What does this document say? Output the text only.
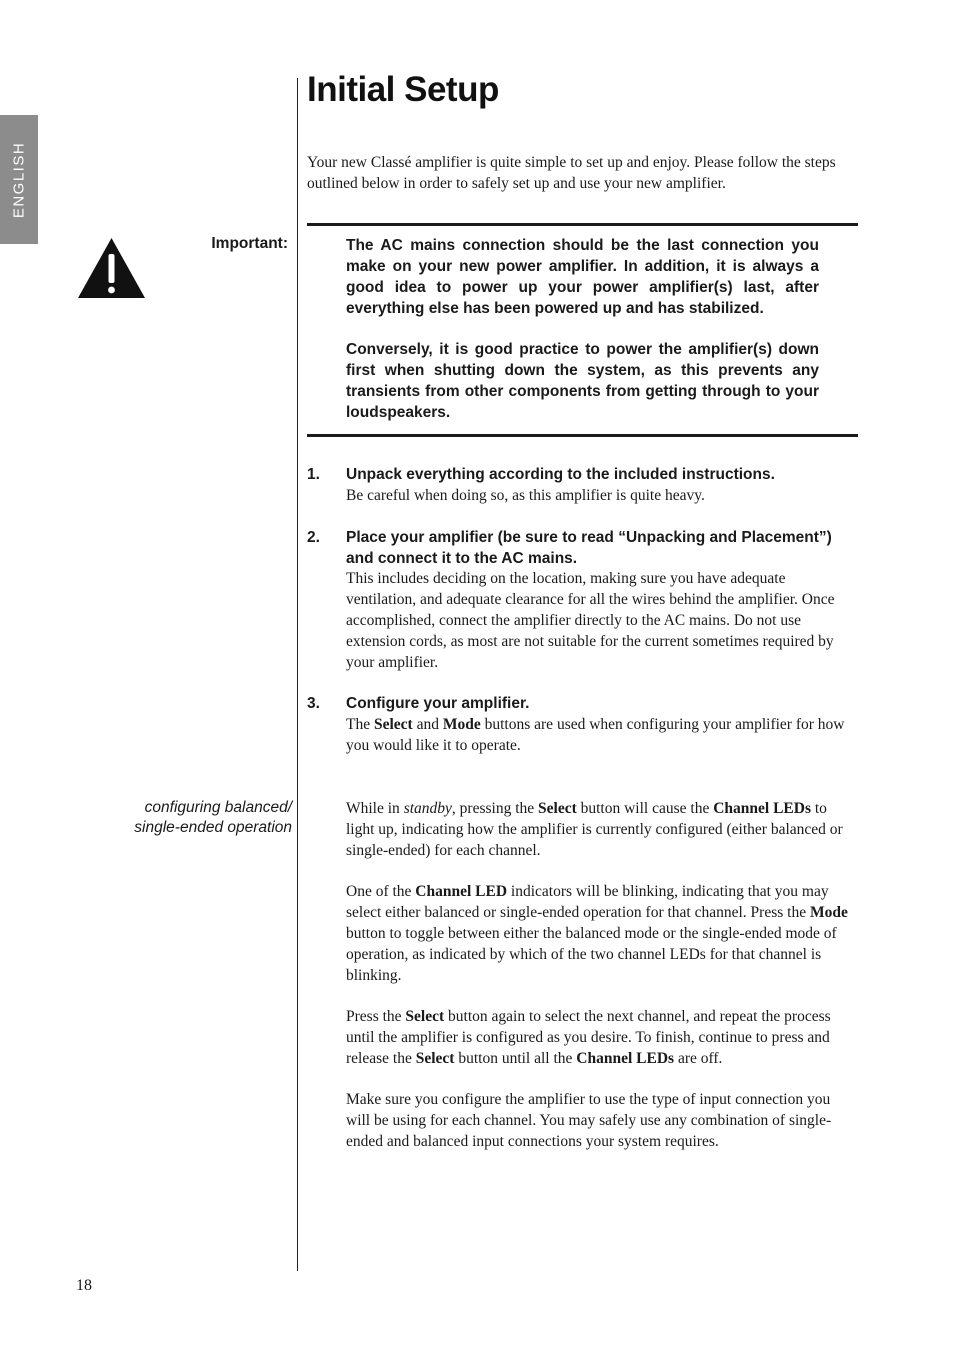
ENGLISH
Initial Setup
Your new Classé amplifier is quite simple to set up and enjoy. Please follow the steps outlined below in order to safely set up and use your new amplifier.
Important:	The AC mains connection should be the last connection you make on your new power amplifier. In addition, it is always a good idea to power up your power amplifier(s) last, after everything else has been powered up and has stabilized.
Conversely, it is good practice to power the amplifier(s) down first when shutting down the system, as this prevents any transients from other components from getting through to your loudspeakers.
1. Unpack everything according to the included instructions.
Be careful when doing so, as this amplifier is quite heavy.
2. Place your amplifier (be sure to read “Unpacking and Placement”) and connect it to the AC mains.
This includes deciding on the location, making sure you have adequate ventilation, and adequate clearance for all the wires behind the amplifier. Once accomplished, connect the amplifier directly to the AC mains. Do not use extension cords, as most are not suitable for the current sometimes required by your amplifier.
3. Configure your amplifier.
The Select and Mode buttons are used when configuring your amplifier for how you would like it to operate.
configuring balanced/
single-ended operation
While in standby, pressing the Select button will cause the Channel LEDs to light up, indicating how the amplifier is currently configured (either balanced or single-ended) for each channel.
One of the Channel LED indicators will be blinking, indicating that you may select either balanced or single-ended operation for that channel. Press the Mode button to toggle between either the balanced mode or the single-ended mode of operation, as indicated by which of the two channel LEDs for that channel is blinking.
Press the Select button again to select the next channel, and repeat the process until the amplifier is configured as you desire. To finish, continue to press and release the Select button until all the Channel LEDs are off.
Make sure you configure the amplifier to use the type of input connection you will be using for each channel. You may safely use any combination of single-ended and balanced input connections your system requires.
18
